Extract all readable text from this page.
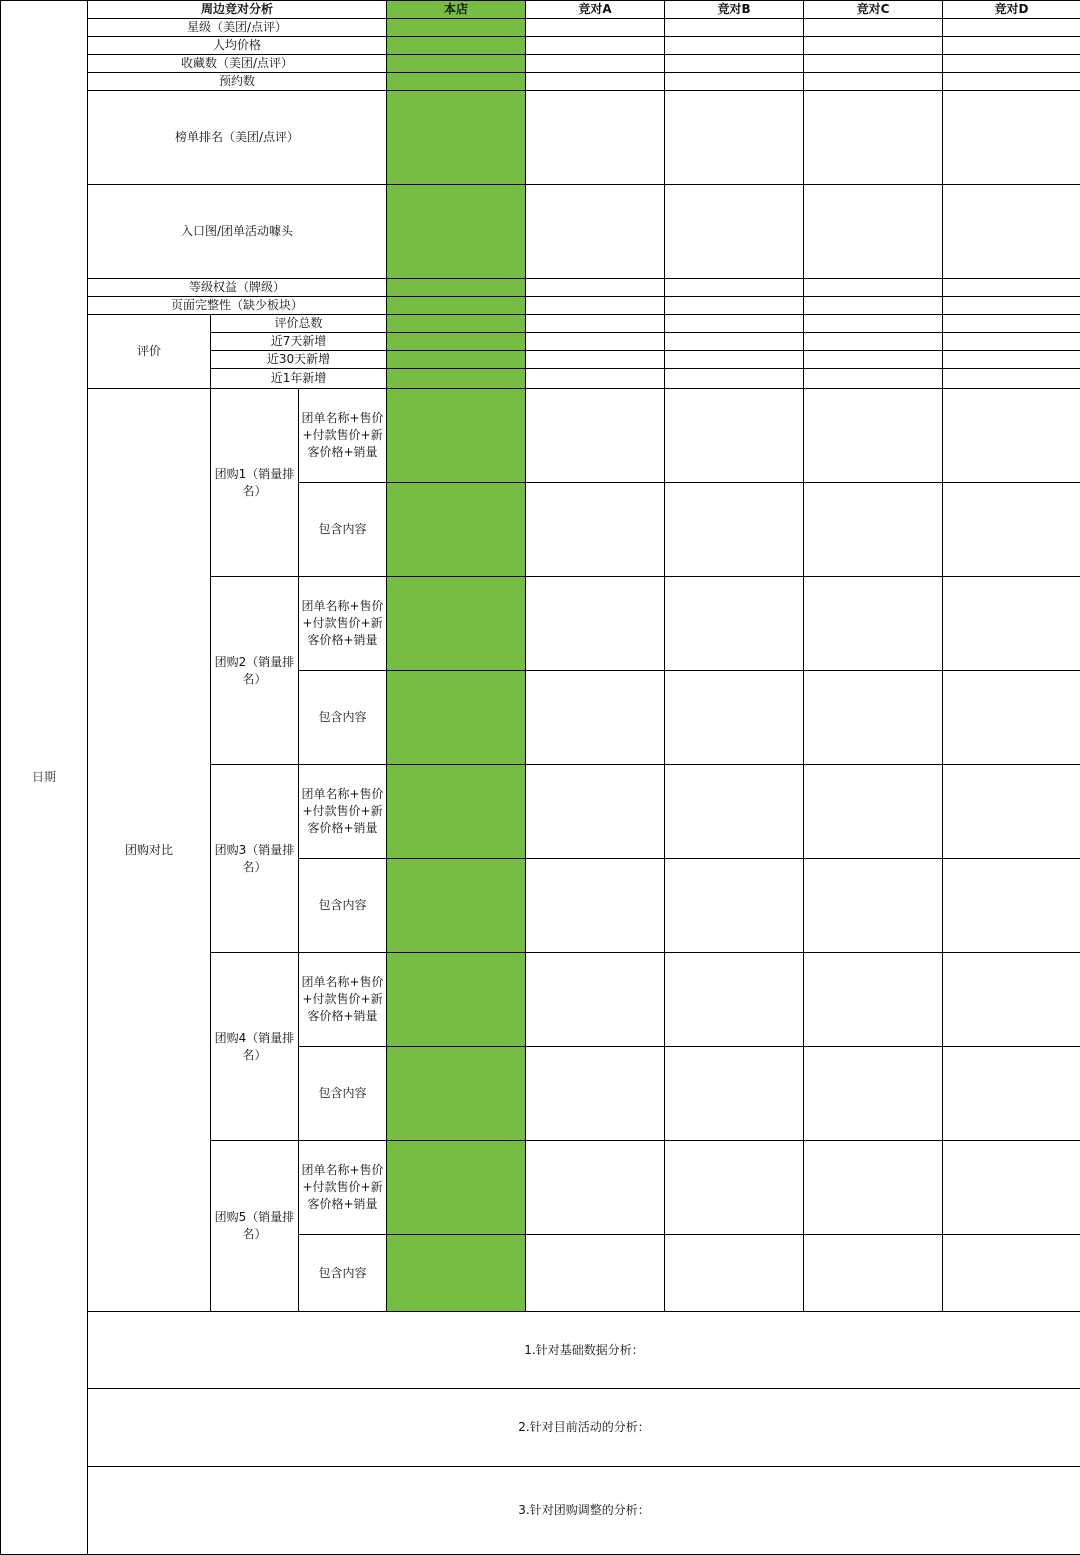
日期	周边竞对分析			本店	竞对A	竞对B	竞对C	竞对D
	星级（美团/点评）							
	人均价格							
	收藏数（美团/点评）							
	预约数							
	榜单排名（美团/点评）							
	入口图/团单活动噱头							
	等级权益（牌级）							
	页面完整性（缺少板块）							
	评价	评价总数						
		近7天新增						
		近30天新增						
		近1年新增						
	团购对比	团购1（销量排名）	团单名称+售价+付款售价+新客价格+销量					
			包含内容					
		团购2（销量排名）	团单名称+售价+付款售价+新客价格+销量					
			包含内容					
		团购3（销量排名）	团单名称+售价+付款售价+新客价格+销量					
			包含内容					
		团购4（销量排名）	团单名称+售价+付款售价+新客价格+销量					
			包含内容					
		团购5（销量排名）	团单名称+售价+付款售价+新客价格+销量					
			包含内容					
	1.针对基础数据分析：							
	2.针对目前活动的分析：							
	3.针对团购调整的分析：							
